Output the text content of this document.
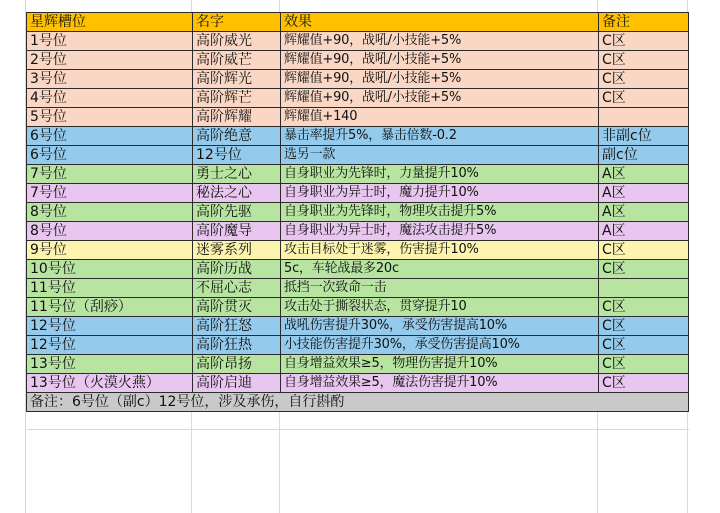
星辉槽位	名字	效果	备注
1号位	高阶威光	辉耀值+90，战吼/小技能+5%	C区
2号位	高阶威芒	辉耀值+90，战吼/小技能+5%	C区
3号位	高阶辉光	辉耀值+90，战吼/小技能+5%	C区
4号位	高阶辉芒	辉耀值+90，战吼/小技能+5%	C区
5号位	高阶辉耀	辉耀值+140	
6号位	高阶绝意	暴击率提升5%，暴击倍数-0.2	非副c位
6号位	12号位	选另一款	副c位
7号位	勇士之心	自身职业为先锋时，力量提升10%	A区
7号位	秘法之心	自身职业为异士时，魔力提升10%	A区
8号位	高阶先驱	自身职业为先锋时，物理攻击提升5%	A区
8号位	高阶魔导	自身职业为异士时，魔法攻击提升5%	A区
9号位	迷雾系列	攻击目标处于迷雾，伤害提升10%	C区
10号位	高阶历战	5c，车轮战最多20c	C区
11号位	不屈心志	抵挡一次致命一击	
11号位（刮痧）	高阶贯灭	攻击处于撕裂状态，贯穿提升10	C区
12号位	高阶狂怒	战吼伤害提升30%，承受伤害提高10%	C区
12号位	高阶狂热	小技能伤害提升30%，承受伤害提高10%	C区
13号位	高阶昂扬	自身增益效果≥5，物理伤害提升10%	C区
13号位（火漠火燕）	高阶启迪	自身增益效果≥5，魔法伤害提升10%	C区
备注：6号位（副c）12号位，涉及承伤，自行斟酌			
